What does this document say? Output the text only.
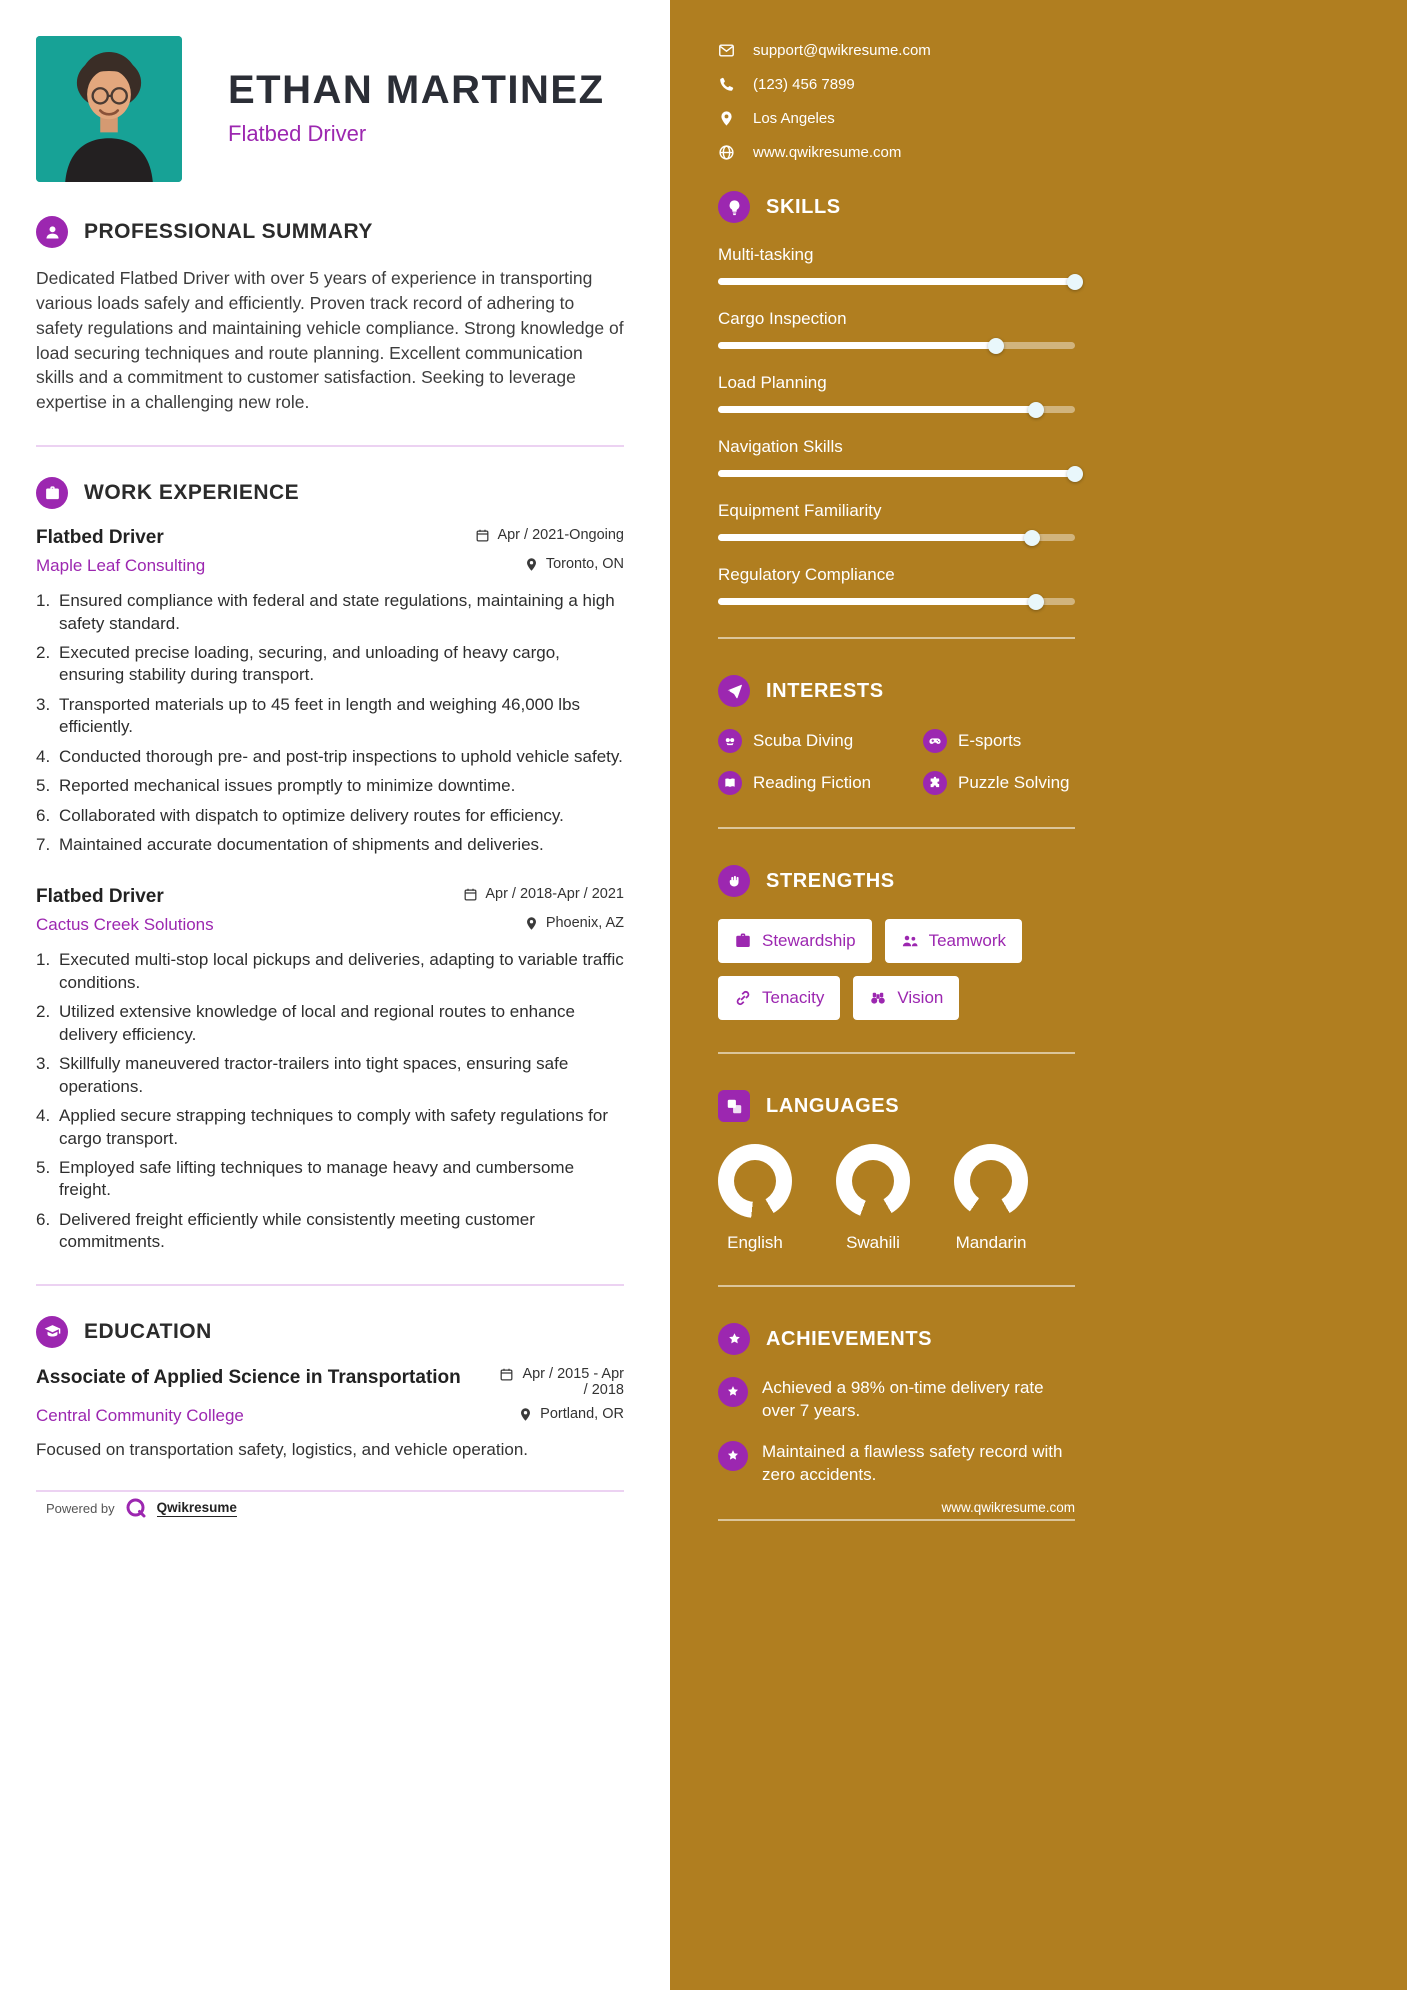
ETHAN MARTINEZ
Flatbed Driver
PROFESSIONAL SUMMARY

Dedicated Flatbed Driver with over 5 years of experience in transporting various loads safely and efficiently. Proven track record of adhering to safety regulations and maintaining vehicle compliance. Strong knowledge of load securing techniques and route planning. Excellent communication skills and a commitment to customer satisfaction. Seeking to leverage expertise in a challenging new role.

WORK EXPERIENCE
Flatbed Driver	Apr / 2021-Ongoing
Maple Leaf Consulting	Toronto, ON
Ensured compliance with federal and state regulations, maintaining a high safety standard.
Executed precise loading, securing, and unloading of heavy cargo, ensuring stability during transport.
Transported materials up to 45 feet in length and weighing 46,000 lbs efficiently.
Conducted thorough pre- and post-trip inspections to uphold vehicle safety.
Reported mechanical issues promptly to minimize downtime.
Collaborated with dispatch to optimize delivery routes for efficiency.
Maintained accurate documentation of shipments and deliveries.
Flatbed Driver	Apr / 2018-Apr / 2021
Cactus Creek Solutions	Phoenix, AZ
Executed multi-stop local pickups and deliveries, adapting to variable traffic conditions.
Utilized extensive knowledge of local and regional routes to enhance delivery efficiency.
Skillfully maneuvered tractor-trailers into tight spaces, ensuring safe operations.
Applied secure strapping techniques to comply with safety regulations for cargo transport.
Employed safe lifting techniques to manage heavy and cumbersome freight.
Delivered freight efficiently while consistently meeting customer commitments.
EDUCATION
Associate of Applied Science in Transportation	Apr / 2015 - Apr / 2018
Central Community College	Portland, OR

Focused on transportation safety, logistics, and vehicle operation.

Powered by	Qwikresume
support@qwikresume.com
(123) 456 7899
Los Angeles
www.qwikresume.com
SKILLS
Multi-tasking
Cargo Inspection
Load Planning
Navigation Skills
Equipment Familiarity
Regulatory Compliance
INTERESTS
Scuba Diving	E-sports
Reading Fiction	Puzzle Solving
STRENGTHS
Stewardship	Teamwork
Tenacity	Vision
LANGUAGES
English	Swahili	Mandarin
ACHIEVEMENTS
Achieved a 98% on-time delivery rate over 7 years.
Maintained a flawless safety record with zero accidents.
www.qwikresume.com
